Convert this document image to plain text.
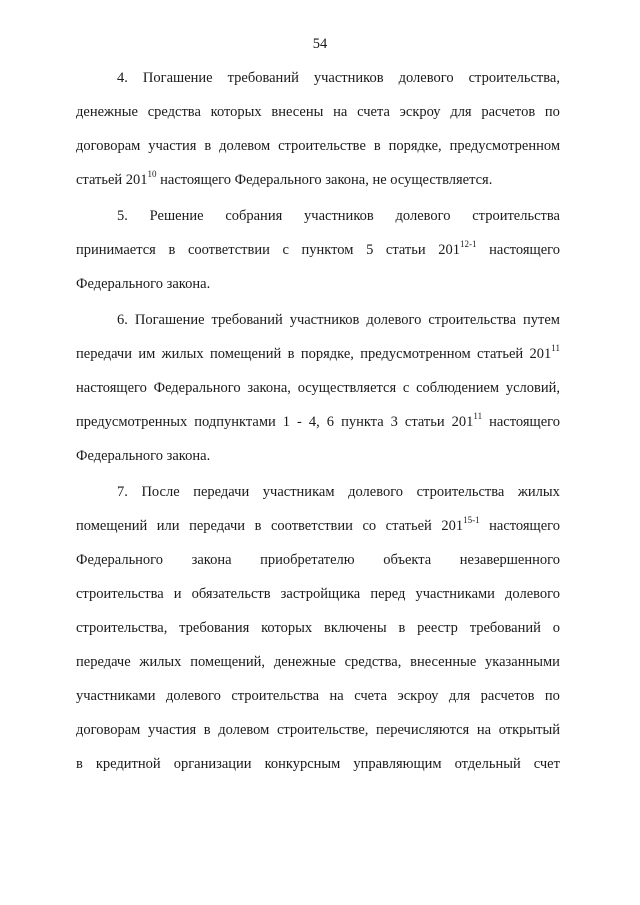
54
4. Погашение требований участников долевого строительства,
денежные средства которых внесены на счета эскроу для расчетов по
договорам участия в долевом строительстве в порядке, предусмотренном
статьей $201^{10}$ настоящего Федерального закона, не осуществляется.
5. Решение собрания участников долевого строительства
принимается в соответствии с пунктом 5 статьи 201$^{12-1}$ настоящего
Федерального закона.
6. Погашение требований участников долевого строительства путем
передачи им жилых помещений в порядке, предусмотренном статьей $201^{11}$
настоящего Федерального закона, осуществляется с соблюдением условий,
предусмотренных подпунктами 1 - 4, 6 пункта 3 статьи $201^{11}$ настоящего
Федерального закона.
7. После передачи участникам долевого строительства жилых
помещений или передачи в соответствии со статьей 201$^{15-1}$ настоящего
Федерального закона приобретателю объекта незавершенного
строительства и обязательств застройщика перед участниками долевого
строительства, требования которых включены в реестр требований о
передаче жилых помещений, денежные средства, внесенные указанными
участниками долевого строительства на счета эскроу для расчетов по
договорам участия в долевом строительстве, перечисляются на открытый
в кредитной организации конкурсным управляющим отдельный счет
